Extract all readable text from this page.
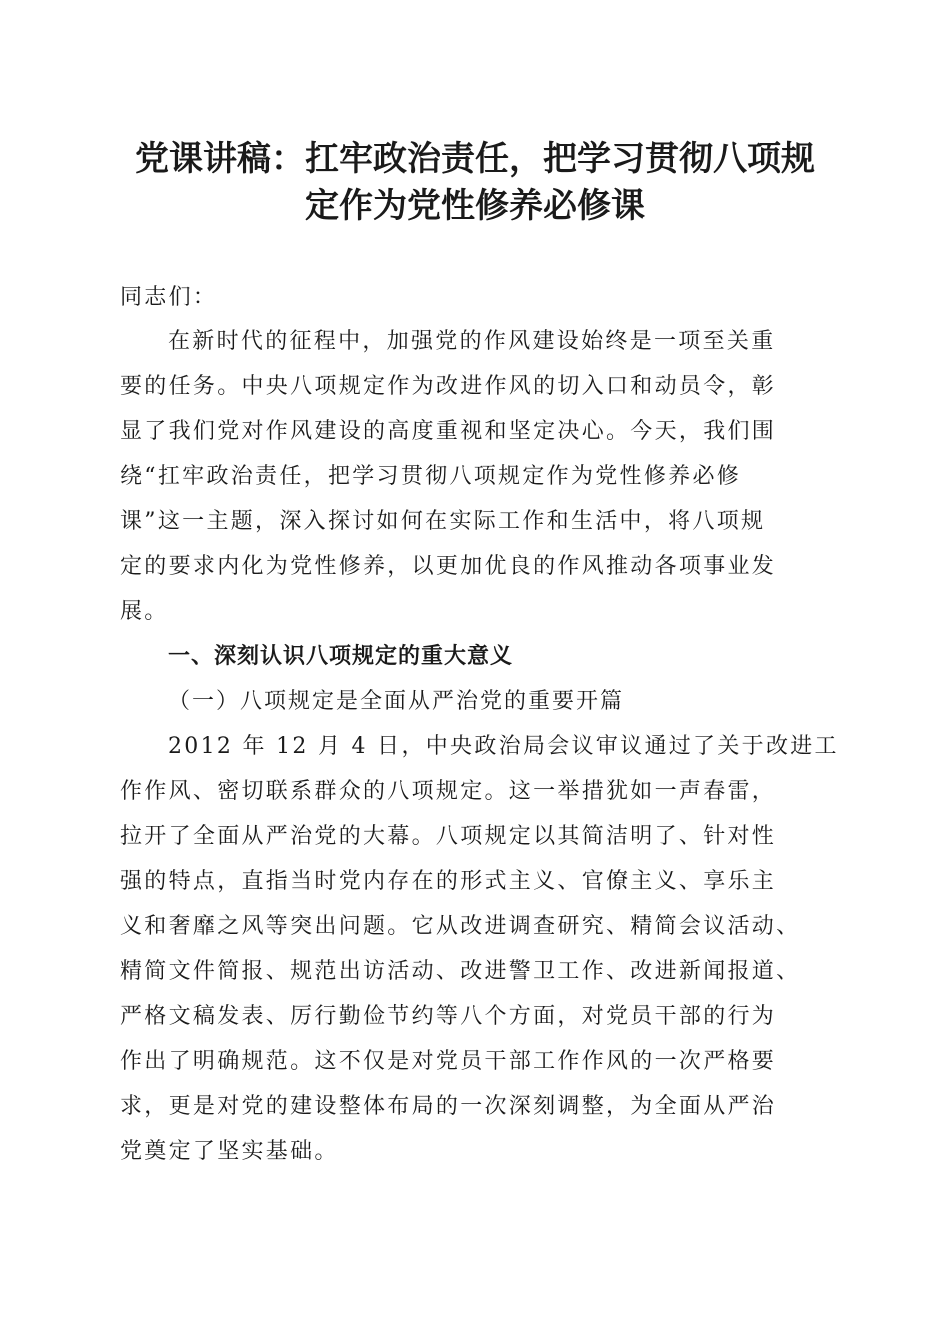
党课讲稿：扛牢政治责任，把学习贯彻八项规
定作为党性修养必修课

同志们：

在新时代的征程中，加强党的作风建设始终是一项至关重

要的任务。中央八项规定作为改进作风的切入口和动员令，彰

显了我们党对作风建设的高度重视和坚定决心。今天，我们围

绕“扛牢政治责任，把学习贯彻八项规定作为党性修养必修

课”这一主题，深入探讨如何在实际工作和生活中，将八项规

定的要求内化为党性修养，以更加优良的作风推动各项事业发

展。

一、深刻认识八项规定的重大意义

（一）八项规定是全面从严治党的重要开篇

2012 年 12 月 4 日，中央政治局会议审议通过了关于改进工

作作风、密切联系群众的八项规定。这一举措犹如一声春雷，

拉开了全面从严治党的大幕。八项规定以其简洁明了、针对性

强的特点，直指当时党内存在的形式主义、官僚主义、享乐主

义和奢靡之风等突出问题。它从改进调查研究、精简会议活动、

精简文件简报、规范出访活动、改进警卫工作、改进新闻报道、

严格文稿发表、厉行勤俭节约等八个方面，对党员干部的行为

作出了明确规范。这不仅是对党员干部工作作风的一次严格要

求，更是对党的建设整体布局的一次深刻调整，为全面从严治

党奠定了坚实基础。
